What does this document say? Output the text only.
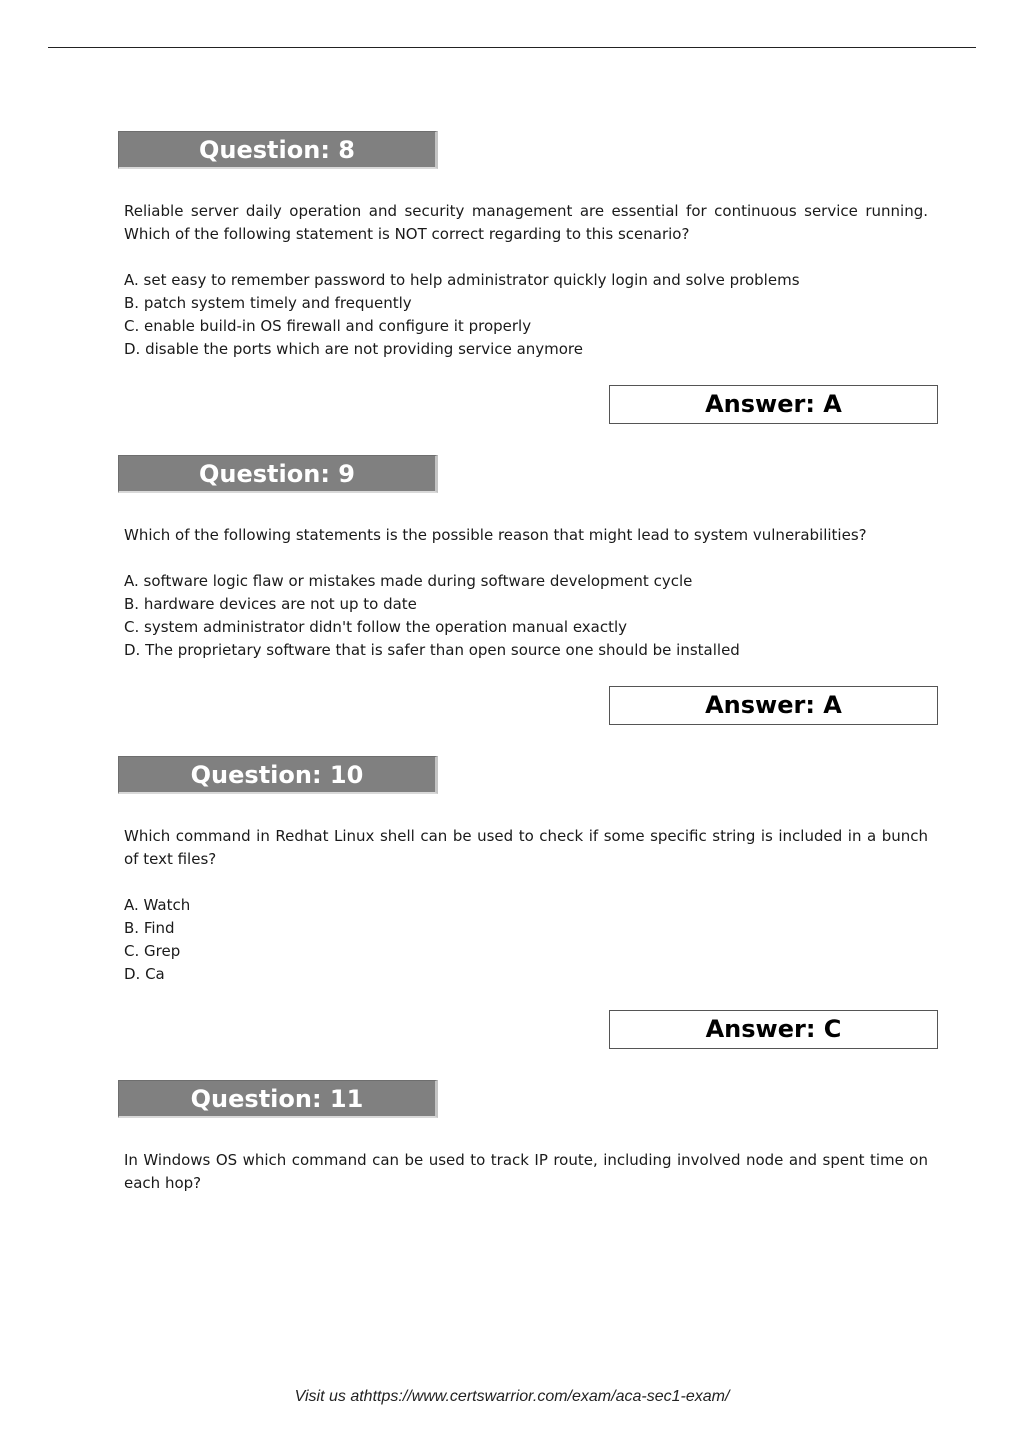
Question: 8

Reliable server daily operation and security management are essential for continuous service running. Which of the following statement is NOT correct regarding to this scenario?

A. set easy to remember password to help administrator quickly login and solve problems
B. patch system timely and frequently
C. enable build-in OS firewall and configure it properly
D. disable the ports which are not providing service anymore
Answer: A
Question: 9

Which of the following statements is the possible reason that might lead to system vulnerabilities?

A. software logic flaw or mistakes made during software development cycle
B. hardware devices are not up to date
C. system administrator didn't follow the operation manual exactly
D. The proprietary software that is safer than open source one should be installed
Answer: A
Question: 10

Which command in Redhat Linux shell can be used to check if some specific string is included in a bunch of text files?

A. Watch
B. Find
C. Grep
D. Ca
Answer: C
Question: 11

In Windows OS which command can be used to track IP route, including involved node and spent time on each hop?

Visit us athttps://www.certswarrior.com/exam/aca-sec1-exam/
